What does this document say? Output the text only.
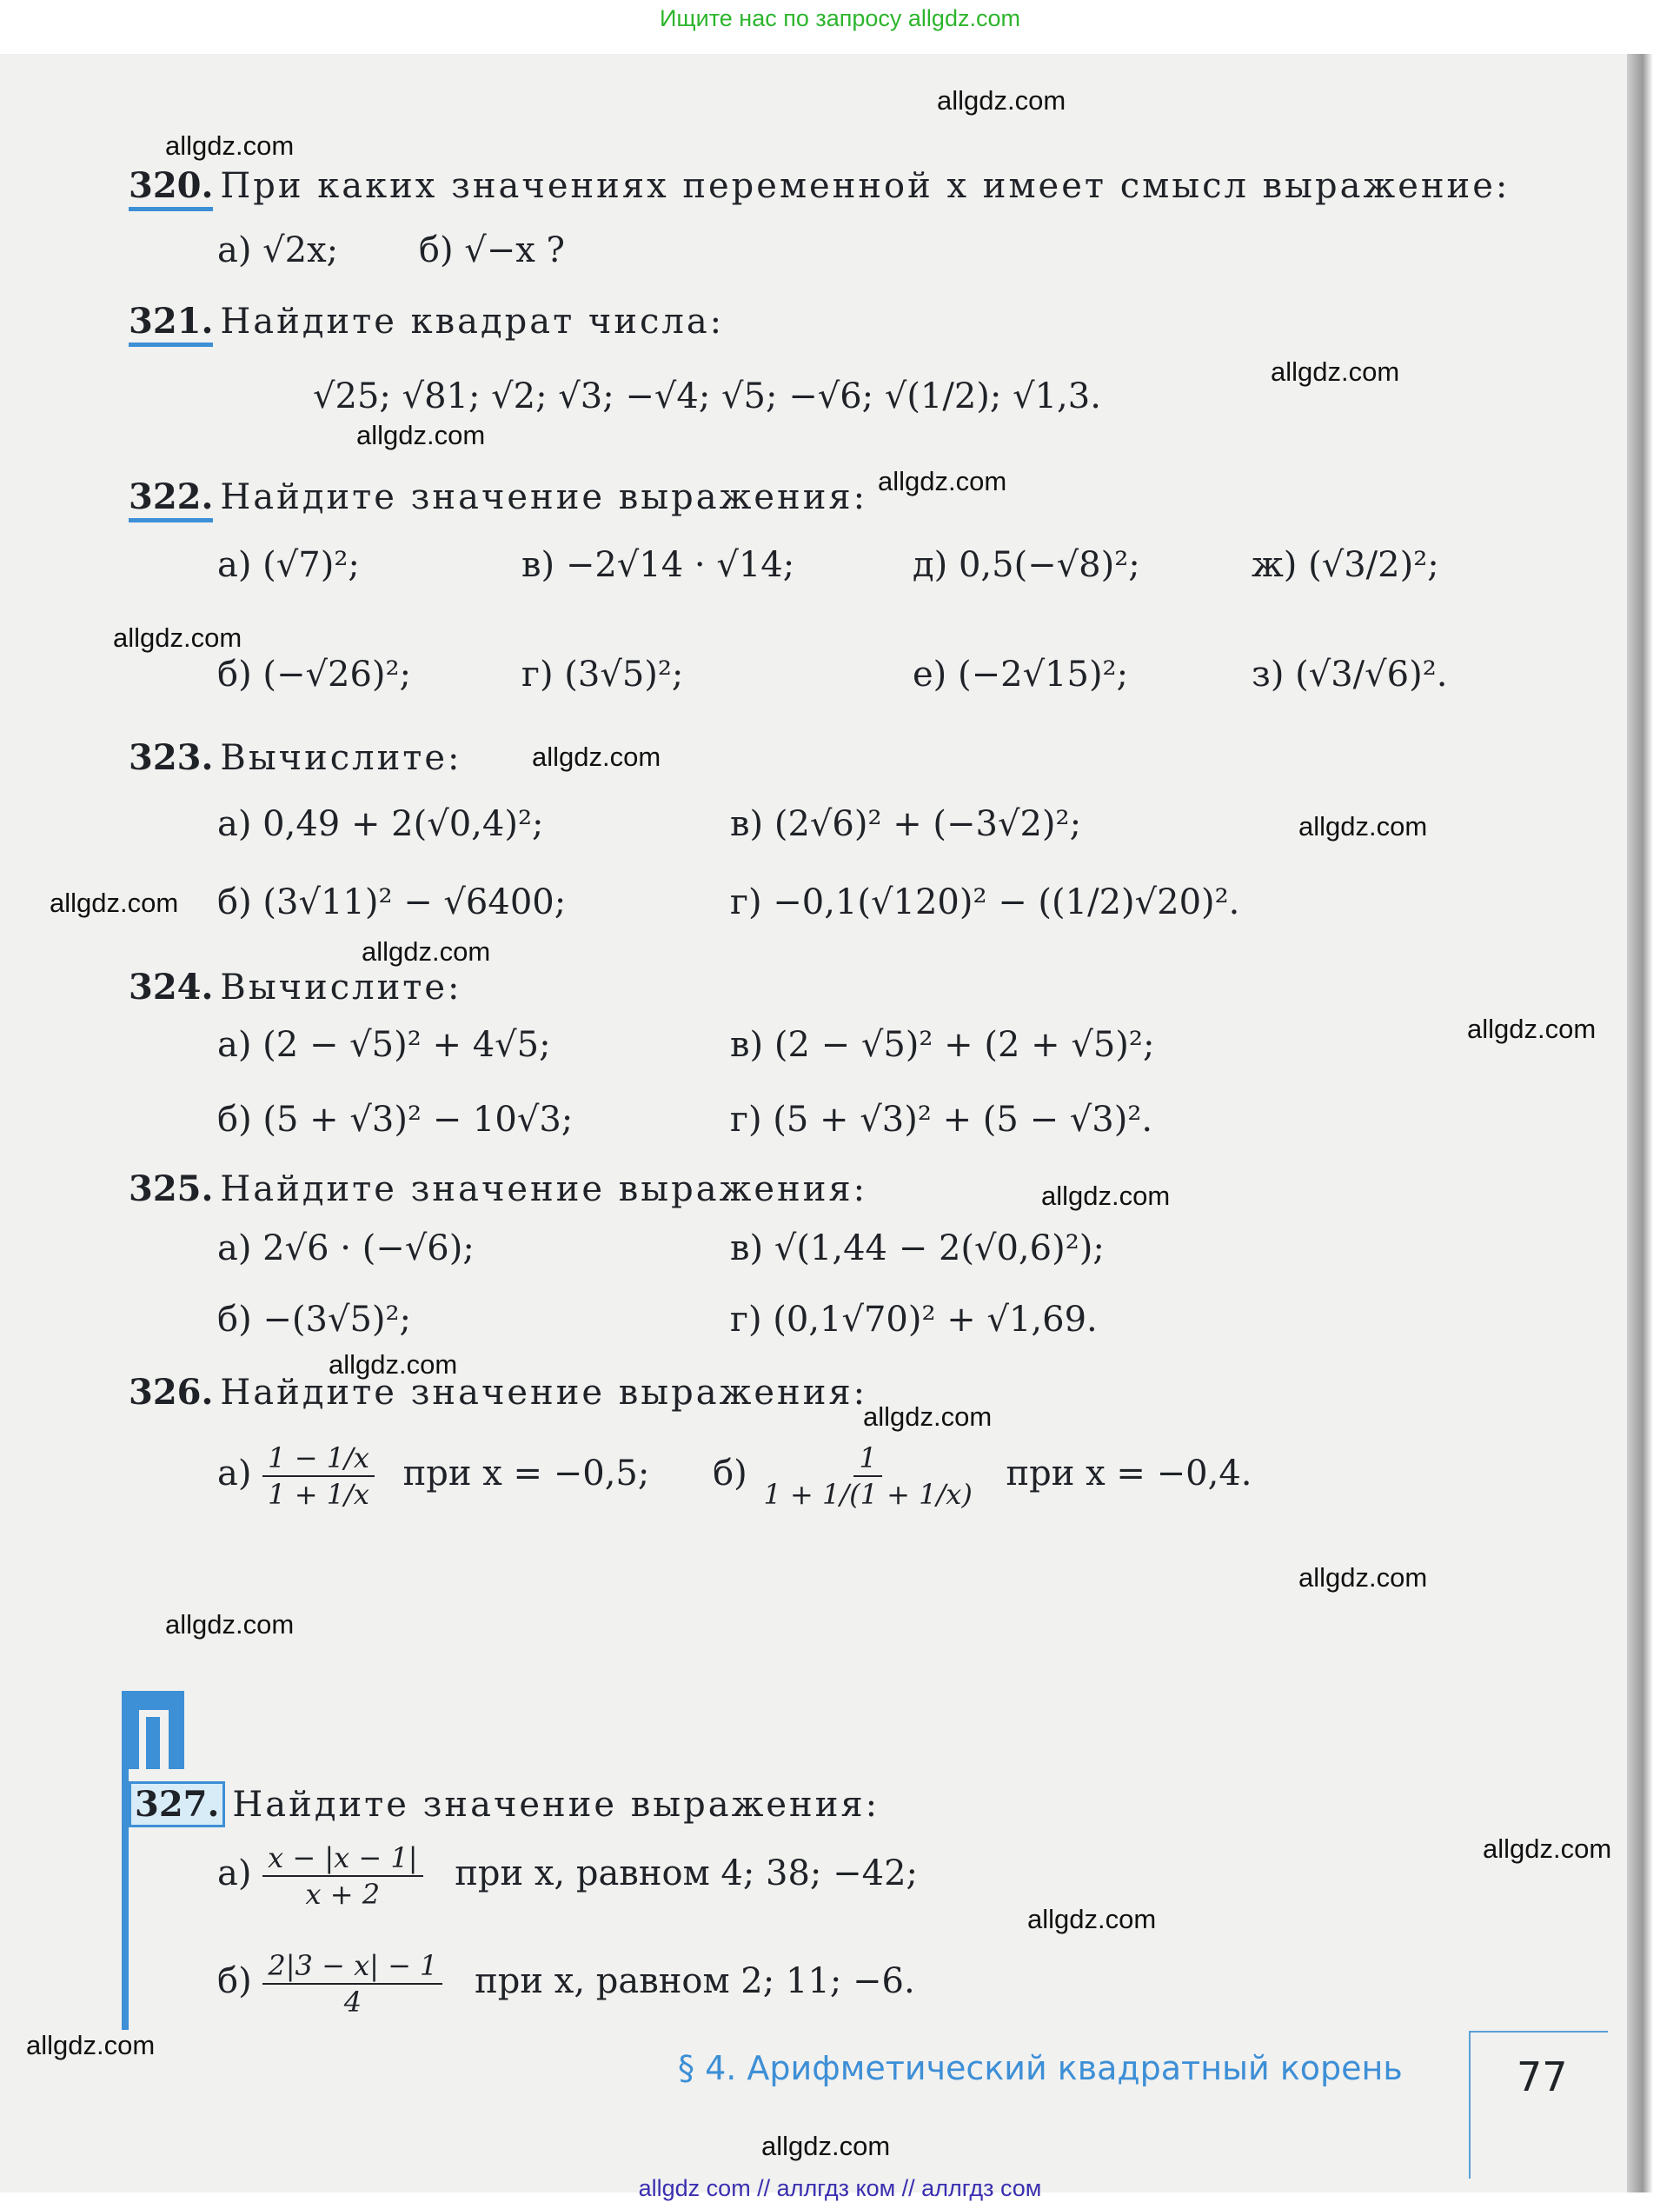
Ищите нас по запросу allgdz.com
allgdz.com
allgdz.com
allgdz.com
allgdz.com
allgdz.com
allgdz.com
allgdz.com
allgdz.com
allgdz.com
allgdz.com
allgdz.com
allgdz.com
allgdz.com
allgdz.com
allgdz.com
allgdz.com
allgdz.com
allgdz.com
allgdz.com
allgdz.com
320. При каких значениях переменной x имеет смысл выражение:
а) √2x; б) √−x ?
321. Найдите квадрат числа:
√25; √81; √2; √3; −√4; √5; −√6; √(1/2); √1,3.
322. Найдите значение выражения:
а) (√7)²;	в) −2√14 · √14;	д) 0,5(−√8)²;	ж) (√3/2)²;
б) (−√26)²;	г) (3√5)²;	е) (−2√15)²;	з) (√3/√6)².
323. Вычислите:
а) 0,49 + 2(√0,4)²;	в) (2√6)² + (−3√2)²;
б) (3√11)² − √6400;	г) −0,1(√120)² − ((1/2)√20)².
324. Вычислите:
а) (2 − √5)² + 4√5;	в) (2 − √5)² + (2 + √5)²;
б) (5 + √3)² − 10√3;	г) (5 + √3)² + (5 − √3)².
325. Найдите значение выражения:
а) 2√6 · (−√6);	в) √(1,44 − 2(√0,6)²);
б) −(3√5)²;	г) (0,1√70)² + √1,69.
326. Найдите значение выражения:
$а) \frac{1 - 1/x}{1 + 1/x}$ при x = −0,5; $б) \frac{1}{1 + 1/(1 + 1/x)}$ при x = −0,4.
327. Найдите значение выражения:
$а) \frac{x - |x - 1|}{x + 2}$ при x, равном 4; 38; −42;
$б) \frac{2|3 - x| - 1}{4}$ при x, равном 2; 11; −6.
§ 4. Арифметический квадратный корень	77
allgdz com // аллгдз ком // аллгдз сом
